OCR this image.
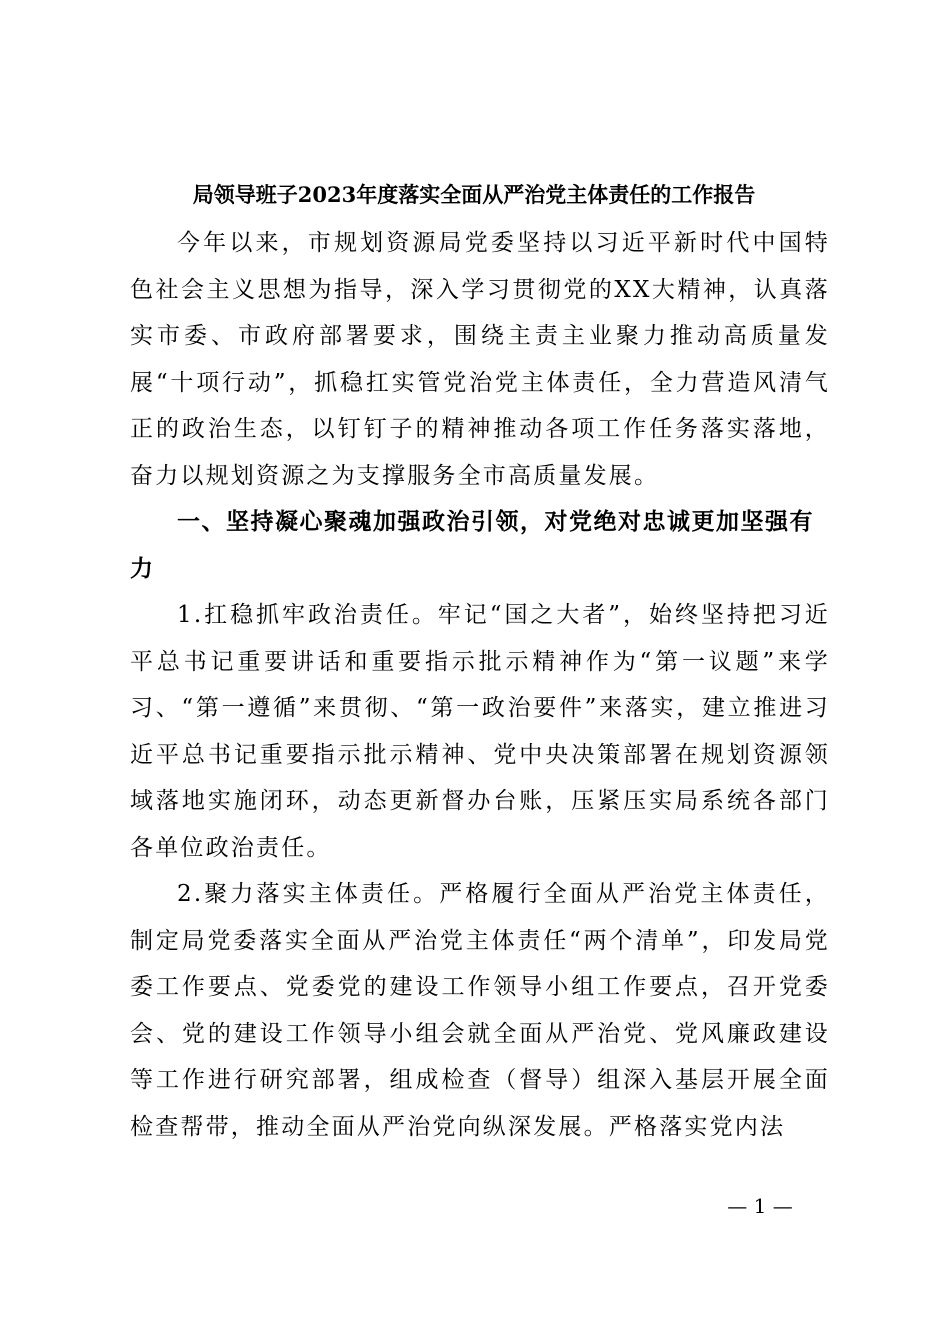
局领导班子2023年度落实全面从严治党主体责任的工作报告

今年以来，市规划资源局党委坚持以习近平新时代中国特色社会主义思想为指导，深入学习贯彻党的XX大精神，认真落实市委、市政府部署要求，围绕主责主业聚力推动高质量发展“十项行动”，抓稳扛实管党治党主体责任，全力营造风清气正的政治生态，以钉钉子的精神推动各项工作任务落实落地，奋力以规划资源之为支撑服务全市高质量发展。

一、坚持凝心聚魂加强政治引领，对党绝对忠诚更加坚强有力

1.扛稳抓牢政治责任。牢记“国之大者”，始终坚持把习近平总书记重要讲话和重要指示批示精神作为“第一议题”来学习、“第一遵循”来贯彻、“第一政治要件”来落实，建立推进习近平总书记重要指示批示精神、党中央决策部署在规划资源领域落地实施闭环，动态更新督办台账，压紧压实局系统各部门各单位政治责任。

2.聚力落实主体责任。严格履行全面从严治党主体责任，制定局党委落实全面从严治党主体责任“两个清单”，印发局党委工作要点、党委党的建设工作领导小组工作要点，召开党委会、党的建设工作领导小组会就全面从严治党、党风廉政建设等工作进行研究部署，组成检查（督导）组深入基层开展全面检查帮带，推动全面从严治党向纵深发展。严格落实党内法

— 1 —
